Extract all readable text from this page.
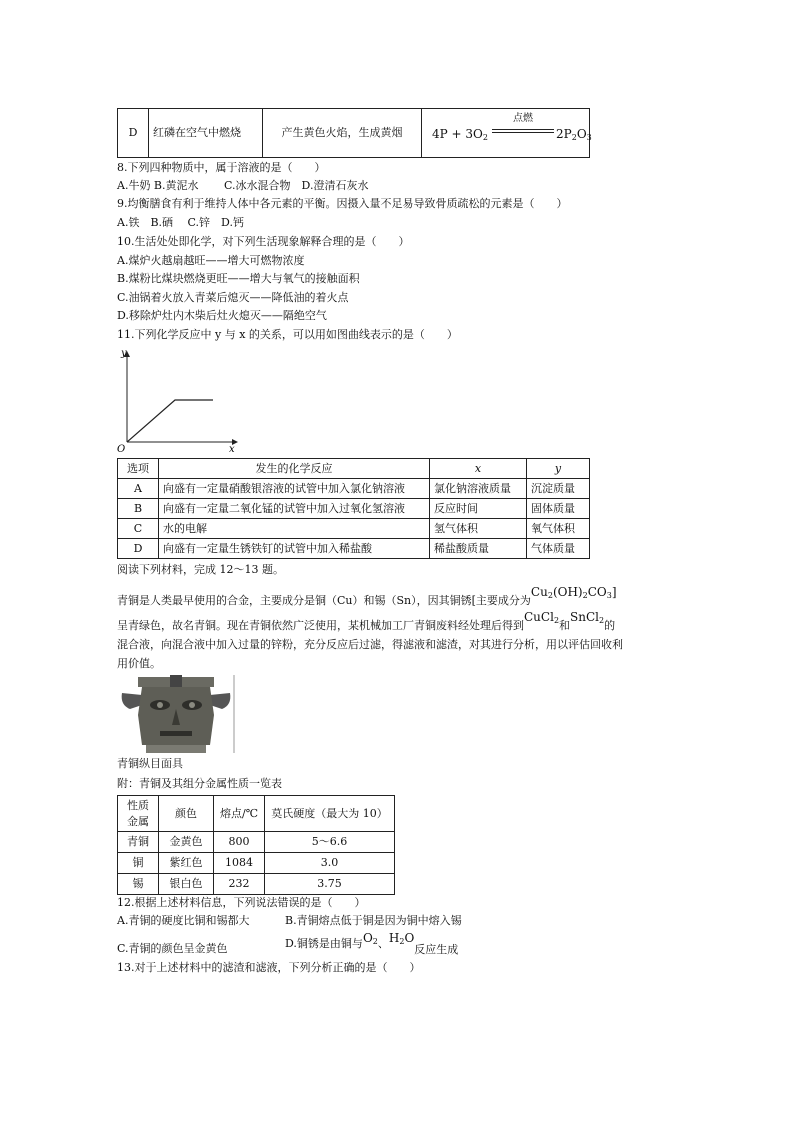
D	红磷在空气中燃烧	产生黄色火焰，生成黄烟	$4P + 3O_2$
点燃
$2P_2O_3$
8.下列四种物质中，属于溶液的是（　　）
A.牛奶 B.黄泥水　　 C.冰水混合物　D.澄清石灰水
9.均衡膳食有利于维持人体中各元素的平衡。因摄入量不足易导致骨质疏松的元素是（　　）
A.铁　B.硒　 C.锌　D.钙
10.生活处处即化学，对下列生活现象解释合理的是（　　）
A.煤炉火越扇越旺——增大可燃物浓度
B.煤粉比煤块燃烧更旺——增大与氧气的接触面积
C.油锅着火放入青菜后熄灭——降低油的着火点
D.移除炉灶内木柴后灶火熄灭——隔绝空气
11.下列化学反应中 y 与 x 的关系，可以用如图曲线表示的是（　　）
y
O	x
选项	发生的化学反应	x	y
A	向盛有一定量硝酸银溶液的试管中加入氯化钠溶液	氯化钠溶液质量	沉淀质量
B	向盛有一定量二氧化锰的试管中加入过氧化氢溶液	反应时间	固体质量
C	水的电解	氢气体积	氧气体积
D	向盛有一定量生锈铁钉的试管中加入稀盐酸	稀盐酸质量	气体质量
阅读下列材料，完成 12～13 题。
青铜是人类最早使用的合金，主要成分是铜（Cu）和锡（Sn），因其铜锈[主要成分为$Cu_2(OH)_2CO_3$]
呈青绿色，故名青铜。现在青铜依然广泛使用，某机械加工厂青铜废料经处理后得到CuCl$_2$和SnCl$_2$的
混合液，向混合液中加入过量的锌粉，充分反应后过滤，得滤液和滤渣，对其进行分析，用以评估回收利
用价值。
青铜纵目面具
附：青铜及其组分金属性质一览表
性质
金属	颜色	熔点/℃	莫氏硬度（最大为 10）
青铜	金黄色	800	5～6.6
铜	紫红色	1084	3.0
锡	银白色	232	3.75
12.根据上述材料信息，下列说法错误的是（　　）
A.青铜的硬度比铜和锡都大	B.青铜熔点低于铜是因为铜中熔入锡
C.青铜的颜色呈金黄色	D.铜锈是由铜与$O_2$、$H_2O$反应生成
13.对于上述材料中的滤渣和滤液，下列分析正确的是（　　）
